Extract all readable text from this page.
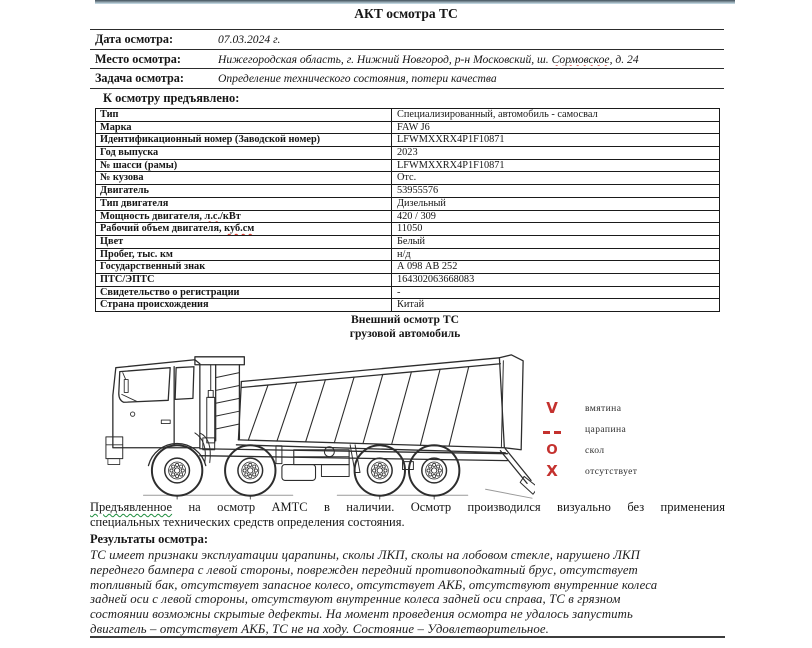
АКТ осмотра ТС
Дата осмотра:	07.03.2024 г.
Место осмотра:	Нижегородская область, г. Нижний Новгород, р-н Московский, ш. Сормовское, д. 24
Задача осмотра:	Определение технического состояния, потери качества
К осмотру предъявлено:
Тип	Специализированный, автомобиль - самосвал
Марка	FAW J6
Идентификационный номер (Заводской номер)	LFWMXXRX4P1F10871
Год выпуска	2023
№ шасси (рамы)	LFWMXXRX4P1F10871
№ кузова	Отс.
Двигатель	53955576
Тип двигателя	Дизельный
Мощность двигателя, л.с./кВт	420 / 309
Рабочий объем двигателя, куб.см	11050
Цвет	Белый
Пробег, тыс. км	н/д
Государственный знак	А 098 АВ 252
ПТС/ЭПТС	164302063668083
Свидетельство о регистрации	-
Страна происхождения	Китай
Внешний осмотр ТС
грузовой автомобиль
V	вмятина
царапина
O	скол
X	отсутствует
Предъявленное на осмотр АМТС в наличии. Осмотр производился визуально без применения
специальных технических средств определения состояния.
Результаты осмотра:
ТС имеет признаки эксплуатации царапины, сколы ЛКП, сколы на лобовом стекле, нарушено ЛКП
переднего бампера с левой стороны, поврежден передний противоподкатный брус, отсутствует
топливный бак, отсутствует запасное колесо, отсутствует АКБ, отсутствуют внутренние колеса
задней оси с левой стороны, отсутствуют внутренние колеса задней оси справа, ТС в грязном
состоянии возможны скрытые дефекты. На момент проведения осмотра не удалось запустить
двигатель – отсутствует АКБ, ТС не на ходу. Состояние – Удовлетворительное.
